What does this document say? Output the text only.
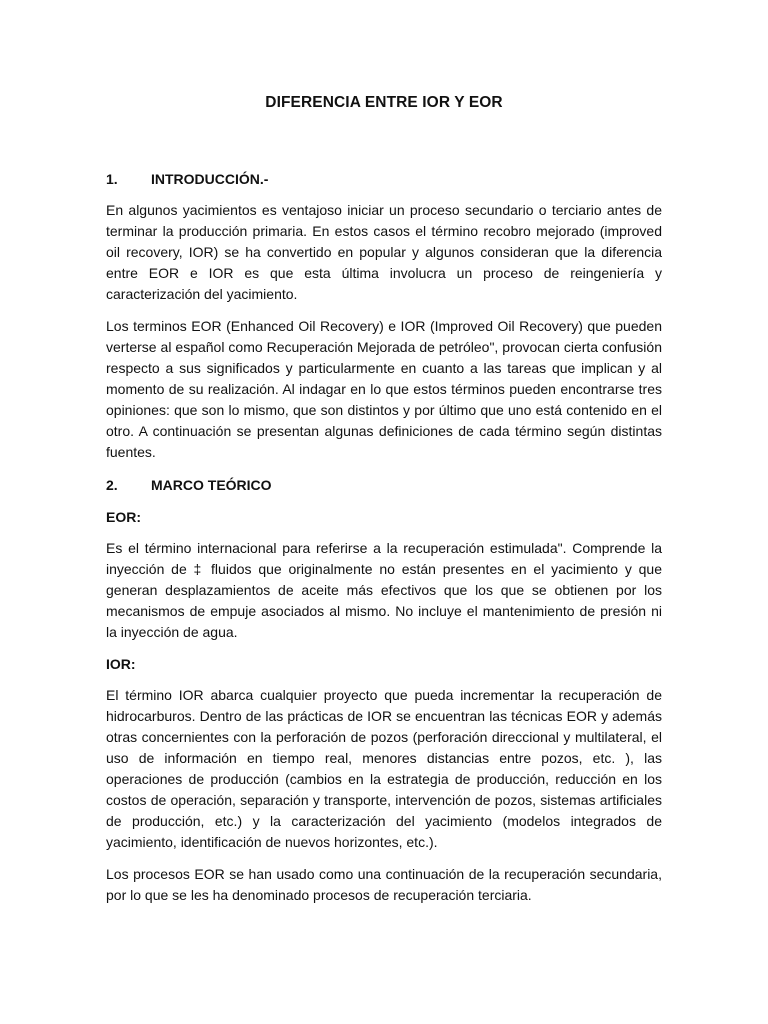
DIFERENCIA ENTRE IOR Y EOR
1.	INTRODUCCIÓN.-

En algunos yacimientos es ventajoso iniciar un proceso secundario o terciario antes de terminar la producción primaria. En estos casos el término recobro mejorado (improved oil recovery, IOR) se ha convertido en popular y algunos consideran que la diferencia entre EOR e IOR es que esta última involucra un proceso de reingeniería y caracterización del yacimiento.

Los terminos EOR (Enhanced Oil Recovery) e IOR (Improved Oil Recovery) que pueden verterse al español como Recuperación Mejorada de petróleo", provocan cierta confusión respecto a sus significados y particularmente en cuanto a las tareas que implican y al momento de su realización. Al indagar en lo que estos términos pueden encontrarse tres opiniones: que son lo mismo, que son distintos y por último que uno está contenido en el otro. A continuación se presentan algunas definiciones de cada término según distintas fuentes.

2.	MARCO TEÓRICO
EOR:

Es el término internacional para referirse a la recuperación estimulada". Comprende la inyección de ‡ fluidos que originalmente no están presentes en el yacimiento y que generan desplazamientos de aceite más efectivos que los que se obtienen por los mecanismos de empuje asociados al mismo. No incluye el mantenimiento de presión ni la inyección de agua.

IOR:

El término IOR abarca cualquier proyecto que pueda incrementar la recuperación de hidrocarburos. Dentro de las prácticas de IOR se encuentran las técnicas EOR y además otras concernientes con la perforación de pozos (perforación direccional y multilateral, el uso de información en tiempo real, menores distancias entre pozos, etc. ), las operaciones de producción (cambios en la estrategia de producción, reducción en los costos de operación, separación y transporte, intervención de pozos, sistemas artificiales de producción, etc.) y la caracterización del yacimiento (modelos integrados de yacimiento, identificación de nuevos horizontes, etc.).

Los procesos EOR se han usado como una continuación de la recuperación secundaria, por lo que se les ha denominado procesos de recuperación terciaria.
